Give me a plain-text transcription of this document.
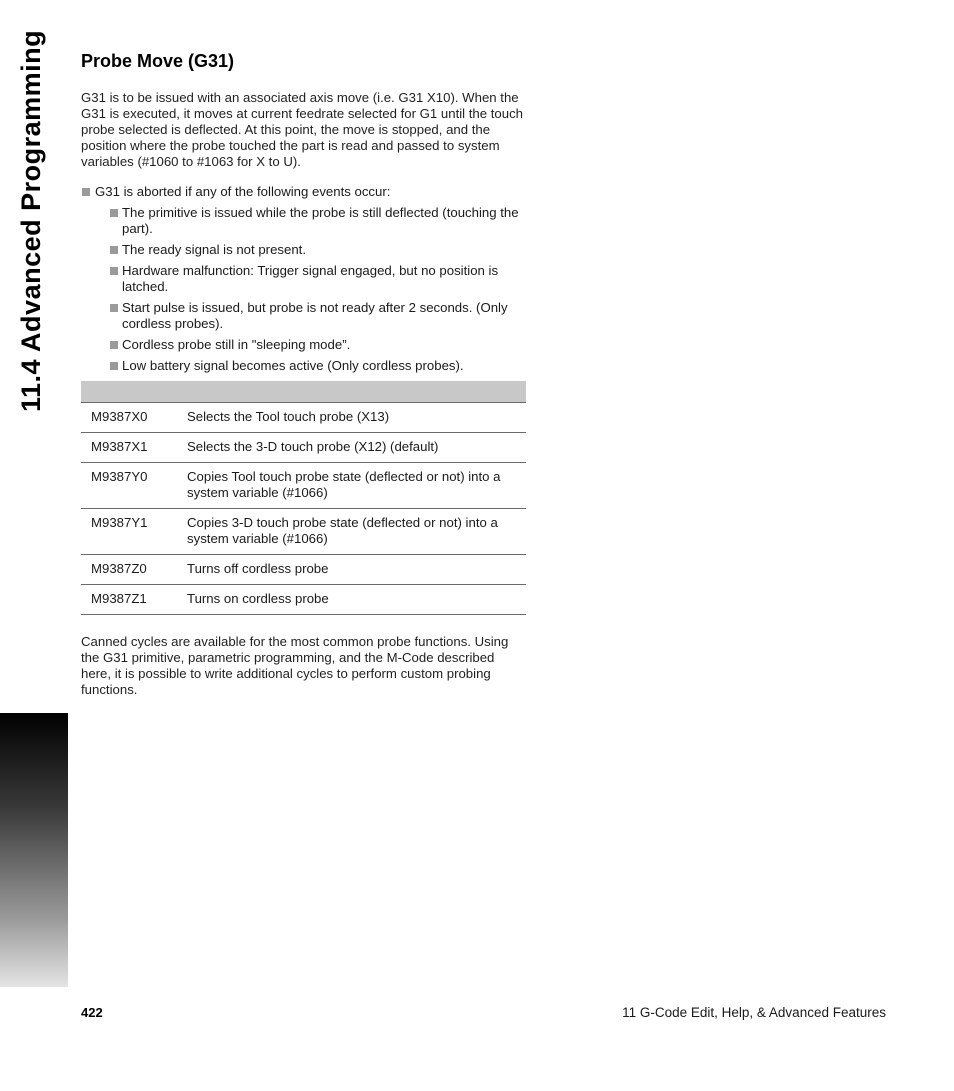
11.4 Advanced Programming	Probe Move (G31)

G31 is to be issued with an associated axis move (i.e. G31 X10). When the G31 is executed, it moves at current feedrate selected for G1 until the touch probe selected is deflected. At this point, the move is stopped, and the position where the probe touched the part is read and passed to system variables (#1060 to #1063 for X to U).

G31 is aborted if any of the following events occur:
The primitive is issued while the probe is still deflected (touching the part).
The ready signal is not present.
Hardware malfunction: Trigger signal engaged, but no position is latched.
Start pulse is issued, but probe is not ready after 2 seconds. (Only cordless probes).
Cordless probe still in "sleeping mode”.
Low battery signal becomes active (Only cordless probes).

M9387X0	Selects the Tool touch probe (X13)
M9387X1	Selects the 3-D touch probe (X12) (default)
M9387Y0	Copies Tool touch probe state (deflected or not) into a system variable (#1066)
M9387Y1	Copies 3-D touch probe state (deflected or not) into a system variable (#1066)
M9387Z0	Turns off cordless probe
M9387Z1	Turns on cordless probe

Canned cycles are available for the most common probe functions. Using the G31 primitive, parametric programming, and the M-Code described here, it is possible to write additional cycles to perform custom probing functions.

422	11 G-Code Edit, Help, & Advanced Features
